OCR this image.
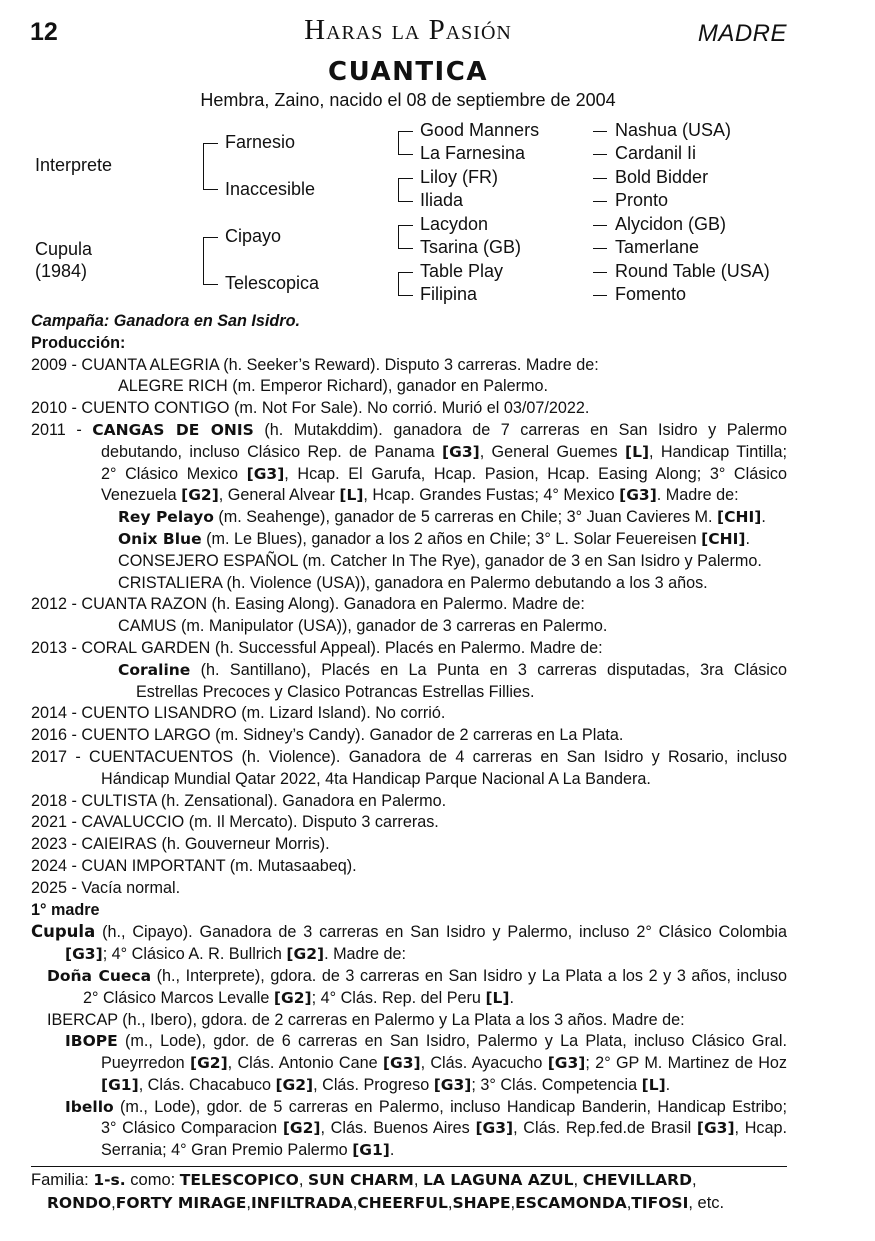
12	Haras la Pasión	MADRE
CUANTICA
Hembra, Zaino, nacido el 08 de septiembre de 2004
Interprete
Cupula
(1984)
Farnesio
Inaccesible
Cipayo
Telescopica
Good Manners
La Farnesina
Liloy (FR)
Iliada
Lacydon
Tsarina (GB)
Table Play
Filipina
Nashua (USA)
Cardanil Ii
Bold Bidder
Pronto
Alycidon (GB)
Tamerlane
Round Table (USA)
Fomento
Campaña: Ganadora en San Isidro.
Producción:
2009 - CUANTA ALEGRIA (h. Seeker’s Reward). Disputo 3 carreras. Madre de:
ALEGRE RICH (m. Emperor Richard), ganador en Palermo.
2010 - CUENTO CONTIGO (m. Not For Sale). No corrió. Murió el 03/07/2022.
2011 - CANGAS DE ONIS (h. Mutakddim). ganadora de 7 carreras en San Isidro y Palermo
debutando, incluso Clásico Rep. de Panama [G3], General Guemes [L], Handicap Tintilla;
2° Clásico Mexico [G3], Hcap. El Garufa, Hcap. Pasion, Hcap. Easing Along; 3° Clásico
Venezuela [G2], General Alvear [L], Hcap. Grandes Fustas; 4° Mexico [G3]. Madre de:
Rey Pelayo (m. Seahenge), ganador de 5 carreras en Chile; 3° Juan Cavieres M. [CHI].
Onix Blue (m. Le Blues), ganador a los 2 años en Chile; 3° L. Solar Feuereisen [CHI].
CONSEJERO ESPAÑOL (m. Catcher In The Rye), ganador de 3 en San Isidro y Palermo.
CRISTALIERA (h. Violence (USA)), ganadora en Palermo debutando a los 3 años.
2012 - CUANTA RAZON (h. Easing Along). Ganadora en Palermo. Madre de:
CAMUS (m. Manipulator (USA)), ganador de 3 carreras en Palermo.
2013 - CORAL GARDEN (h. Successful Appeal). Placés en Palermo. Madre de:
Coraline (h. Santillano), Placés en La Punta en 3 carreras disputadas, 3ra Clásico
Estrellas Precoces y Clasico Potrancas Estrellas Fillies.
2014 - CUENTO LISANDRO (m. Lizard Island). No corrió.
2016 - CUENTO LARGO (m. Sidney’s Candy). Ganador de 2 carreras en La Plata.
2017 - CUENTACUENTOS (h. Violence). Ganadora de 4 carreras en San Isidro y Rosario, incluso
Hándicap Mundial Qatar 2022, 4ta Handicap Parque Nacional A La Bandera.
2018 - CULTISTA (h. Zensational). Ganadora en Palermo.
2021 - CAVALUCCIO (m. Il Mercato). Disputo 3 carreras.
2023 - CAIEIRAS (h. Gouverneur Morris).
2024 - CUAN IMPORTANT (m. Mutasaabeq).
2025 - Vacía normal.
1° madre
Cupula (h., Cipayo). Ganadora de 3 carreras en San Isidro y Palermo, incluso 2° Clásico Colombia
[G3]; 4° Clásico A. R. Bullrich [G2]. Madre de:
Doña Cueca (h., Interprete), gdora. de 3 carreras en San Isidro y La Plata a los 2 y 3 años, incluso
2° Clásico Marcos Levalle [G2]; 4° Clás. Rep. del Peru [L].
IBERCAP (h., Ibero), gdora. de 2 carreras en Palermo y La Plata a los 3 años. Madre de:
IBOPE (m., Lode), gdor. de 6 carreras en San Isidro, Palermo y La Plata, incluso Clásico Gral.
Pueyrredon [G2], Clás. Antonio Cane [G3], Clás. Ayacucho [G3]; 2° GP M. Martinez de Hoz
[G1], Clás. Chacabuco [G2], Clás. Progreso [G3]; 3° Clás. Competencia [L].
Ibello (m., Lode), gdor. de 5 carreras en Palermo, incluso Handicap Banderin, Handicap Estribo;
3° Clásico Comparacion [G2], Clás. Buenos Aires [G3], Clás. Rep.fed.de Brasil [G3], Hcap.
Serrania; 4° Gran Premio Palermo [G1].
Familia: 1-s. como: TELESCOPICO, SUN CHARM, LA LAGUNA AZUL, CHEVILLARD,
RONDO,FORTY MIRAGE,INFILTRADA,CHEERFUL,SHAPE,ESCAMONDA,TIFOSI, etc.
